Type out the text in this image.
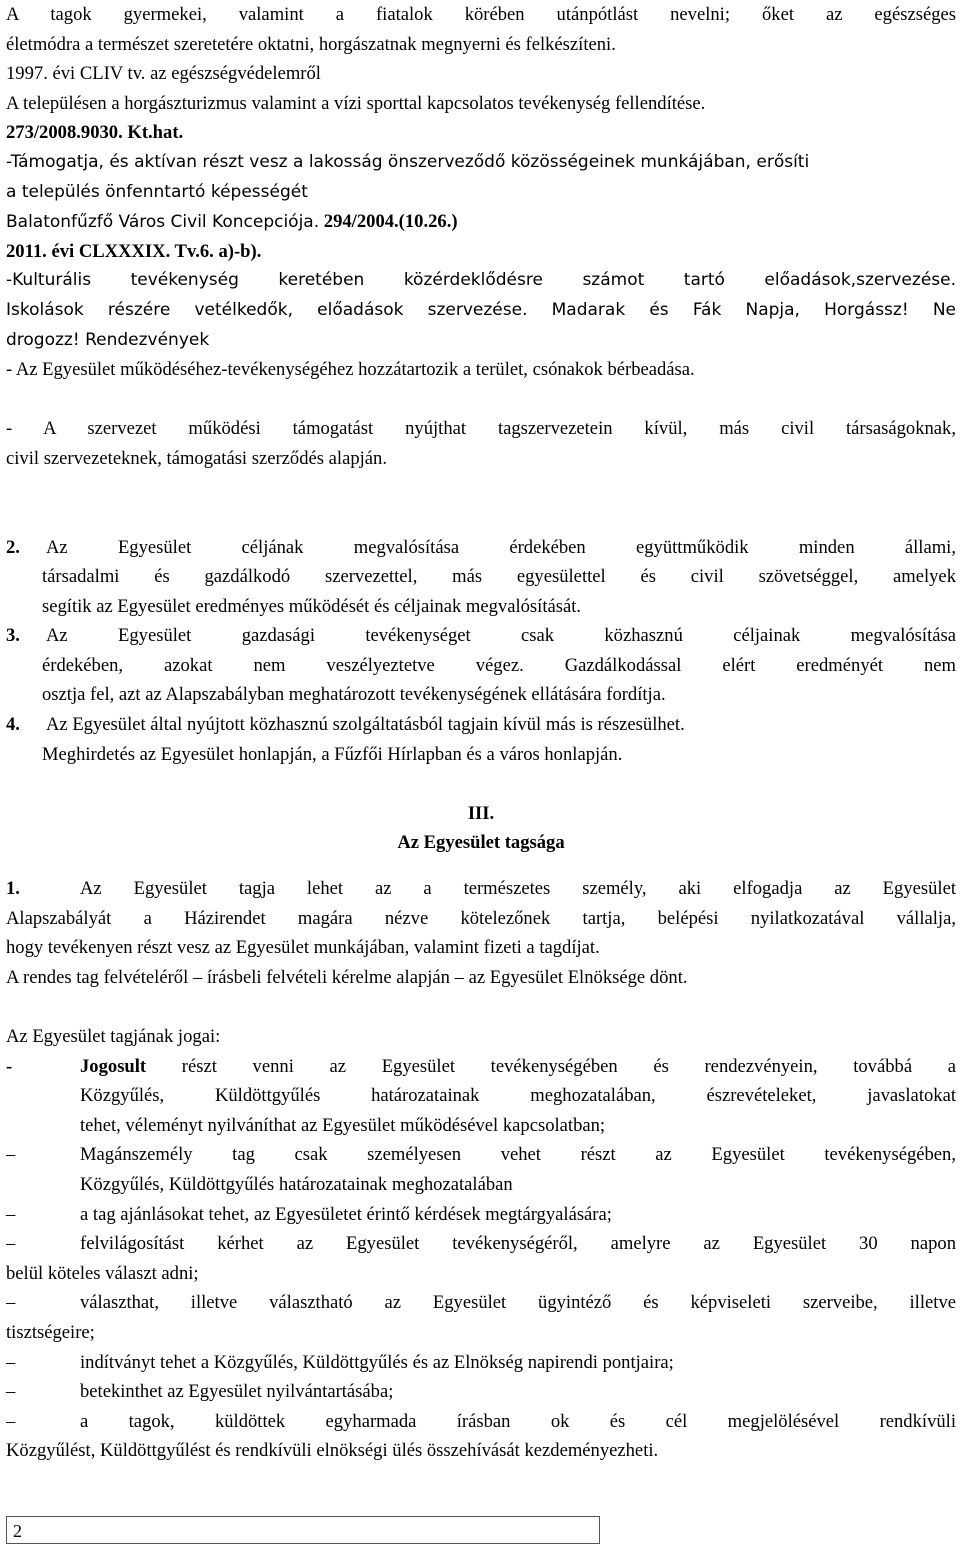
A tagok gyermekei, valamint a fiatalok körében utánpótlást nevelni; őket az egészséges
életmódra a természet szeretetére oktatni, horgászatnak megnyerni és felkészíteni.
1997. évi CLIV tv. az egészségvédelemről
A településen a horgászturizmus valamint a vízi sporttal kapcsolatos tevékenység fellendítése.
273/2008.9030. Kt.hat.
-Támogatja, és aktívan részt vesz a lakosság önszerveződő közösségeinek munkájában, erősíti
a település önfenntartó képességét
Balatonfűzfő Város Civil Koncepciója. 294/2004.(10.26.)
2011. évi CLXXXIX. Tv.6. a)-b).
-Kulturális tevékenység keretében közérdeklődésre számot tartó előadások,szervezése.
Iskolások részére vetélkedők, előadások szervezése. Madarak és Fák Napja, Horgássz! Ne
drogozz! Rendezvények
- Az Egyesület működéséhez-tevékenységéhez hozzátartozik a terület, csónakok bérbeadása.
- A szervezet működési támogatást nyújthat tagszervezetein kívül, más civil társaságoknak,
civil szervezeteknek, támogatási szerződés alapján.
2. Az Egyesület céljának megvalósítása érdekében együttműködik minden állami,
társadalmi és gazdálkodó szervezettel, más egyesülettel és civil szövetséggel, amelyek
segítik az Egyesület eredményes működését és céljainak megvalósítását.
3. Az Egyesület gazdasági tevékenységet csak közhasznú céljainak megvalósítása
érdekében, azokat nem veszélyeztetve végez. Gazdálkodással elért eredményét nem
osztja fel, azt az Alapszabályban meghatározott tevékenységének ellátására fordítja.
4. Az Egyesület által nyújtott közhasznú szolgáltatásból tagjain kívül más is részesülhet.
Meghirdetés az Egyesület honlapján, a Fűzfői Hírlapban és a város honlapján.
III.
Az Egyesület tagsága
1.	Az Egyesület tagja lehet az a természetes személy, aki elfogadja az Egyesület
Alapszabályát a Házirendet magára nézve kötelezőnek tartja, belépési nyilatkozatával vállalja,
hogy tevékenyen részt vesz az Egyesület munkájában, valamint fizeti a tagdíjat.
A rendes tag felvételéről – írásbeli felvételi kérelme alapján – az Egyesület Elnöksége dönt.
Az Egyesület tagjának jogai:
-	Jogosult részt venni az Egyesület tevékenységében és rendezvényein, továbbá a
Közgyűlés, Küldöttgyűlés határozatainak meghozatalában, észrevételeket, javaslatokat
tehet, véleményt nyilváníthat az Egyesület működésével kapcsolatban;
–	Magánszemély tag csak személyesen vehet részt az Egyesület tevékenységében,
Közgyűlés, Küldöttgyűlés határozatainak meghozatalában
–	a tag ajánlásokat tehet, az Egyesületet érintő kérdések megtárgyalására;
–	felvilágosítást kérhet az Egyesület tevékenységéről, amelyre az Egyesület 30 napon
belül köteles választ adni;
–	választhat, illetve választható az Egyesület ügyintéző és képviseleti szerveibe, illetve
tisztségeire;
–	indítványt tehet a Közgyűlés, Küldöttgyűlés és az Elnökség napirendi pontjaira;
–	betekinthet az Egyesület nyilvántartásába;
–	a tagok, küldöttek egyharmada írásban ok és cél megjelölésével rendkívüli
Közgyűlést, Küldöttgyűlést és rendkívüli elnökségi ülés összehívását kezdeményezheti.
2
